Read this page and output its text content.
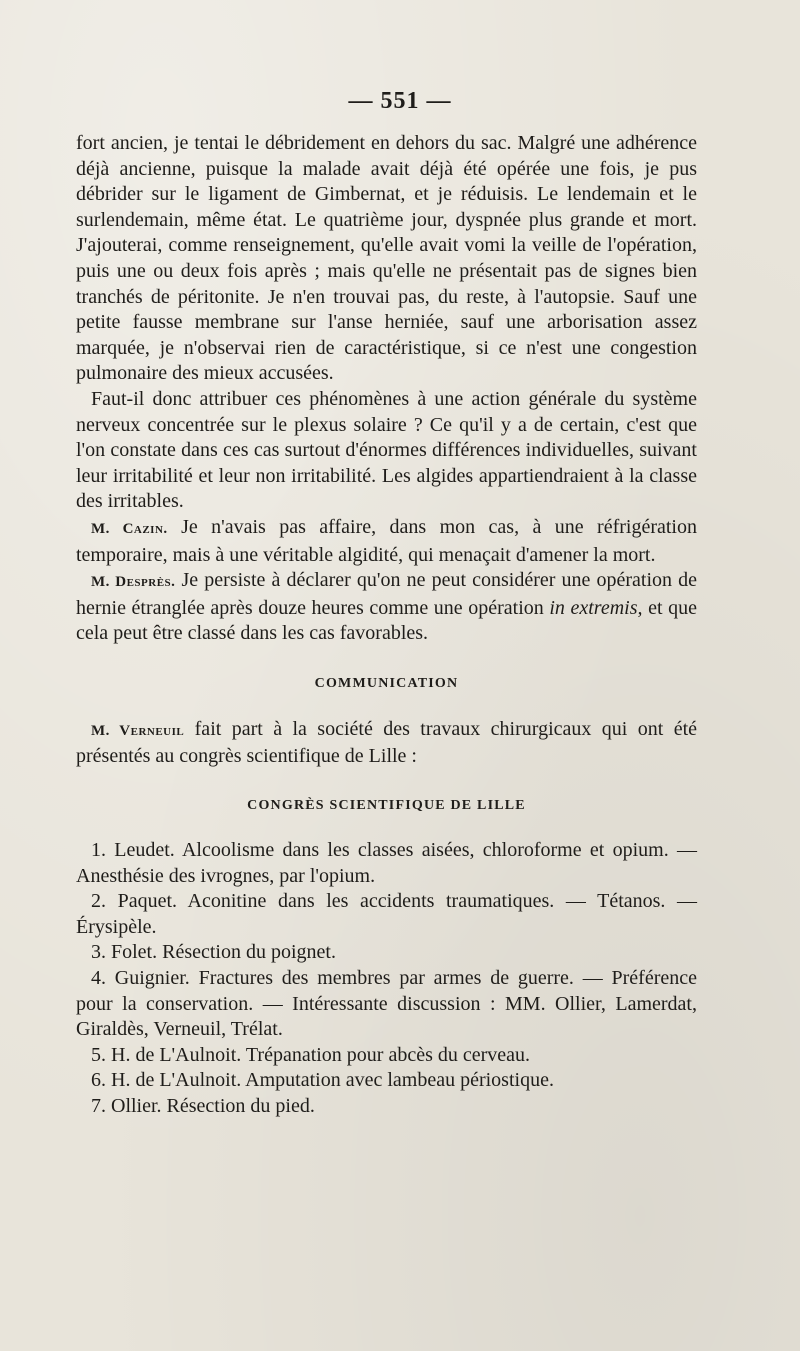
— 551 —

fort ancien, je tentai le débridement en dehors du sac. Malgré une adhérence déjà ancienne, puisque la malade avait déjà été opérée une fois, je pus débrider sur le ligament de Gimbernat, et je réduisis. Le lendemain et le surlendemain, même état. Le quatrième jour, dyspnée plus grande et mort. J'ajouterai, comme renseignement, qu'elle avait vomi la veille de l'opération, puis une ou deux fois après ; mais qu'elle ne présentait pas de signes bien tranchés de péritonite. Je n'en trouvai pas, du reste, à l'autopsie. Sauf une petite fausse membrane sur l'anse herniée, sauf une arborisation assez marquée, je n'observai rien de caractéristique, si ce n'est une congestion pulmonaire des mieux accusées.

Faut-il donc attribuer ces phénomènes à une action générale du système nerveux concentrée sur le plexus solaire ? Ce qu'il y a de certain, c'est que l'on constate dans ces cas surtout d'énormes différences individuelles, suivant leur irritabilité et leur non irritabilité. Les algides appartiendraient à la classe des irritables.

M. Cazin. Je n'avais pas affaire, dans mon cas, à une réfrigération temporaire, mais à une véritable algidité, qui menaçait d'amener la mort.

M. Desprès. Je persiste à déclarer qu'on ne peut considérer une opération de hernie étranglée après douze heures comme une opération in extremis, et que cela peut être classé dans les cas favorables.

COMMUNICATION

M. Verneuil fait part à la société des travaux chirurgicaux qui ont été présentés au congrès scientifique de Lille :

CONGRÈS SCIENTIFIQUE DE LILLE

1. Leudet. Alcoolisme dans les classes aisées, chloroforme et opium. — Anesthésie des ivrognes, par l'opium.

2. Paquet. Aconitine dans les accidents traumatiques. — Tétanos. — Érysipèle.

3. Folet. Résection du poignet.

4. Guignier. Fractures des membres par armes de guerre. — Préférence pour la conservation. — Intéressante discussion : MM. Ollier, Lamerdat, Giraldès, Verneuil, Trélat.

5. H. de L'Aulnoit. Trépanation pour abcès du cerveau.

6. H. de L'Aulnoit. Amputation avec lambeau périostique.

7. Ollier. Résection du pied.
